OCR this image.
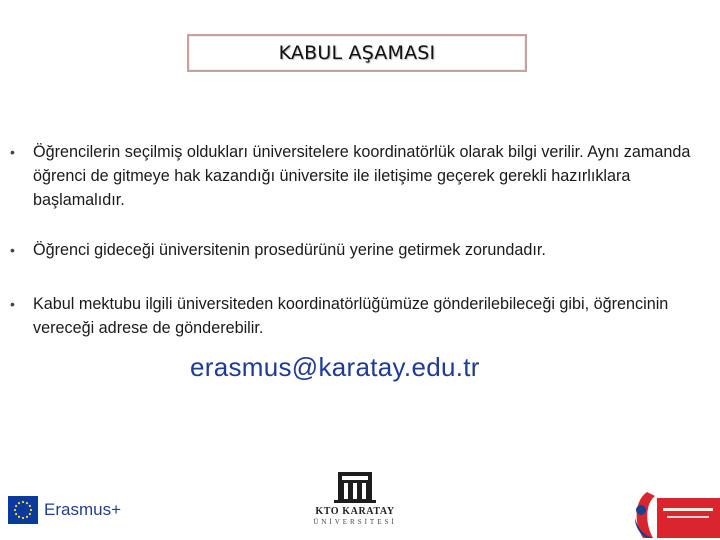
KABUL AŞAMASI
• Öğrencilerin seçilmiş oldukları üniversitelere koordinatörlük olarak bilgi verilir. Aynı zamanda öğrenci de gitmeye hak kazandığı üniversite ile iletişime geçerek gerekli hazırlıklara başlamalıdır.
• Öğrenci gideceği üniversitenin prosedürünü yerine getirmek zorundadır.
• Kabul mektubu ilgili üniversiteden koordinatörlüğümüze gönderilebileceği gibi, öğrencinin vereceği adrese de gönderebilir.
erasmus@karatay.edu.tr
Erasmus+	KTO KARATAY
ÜNİVERSİTESİ
